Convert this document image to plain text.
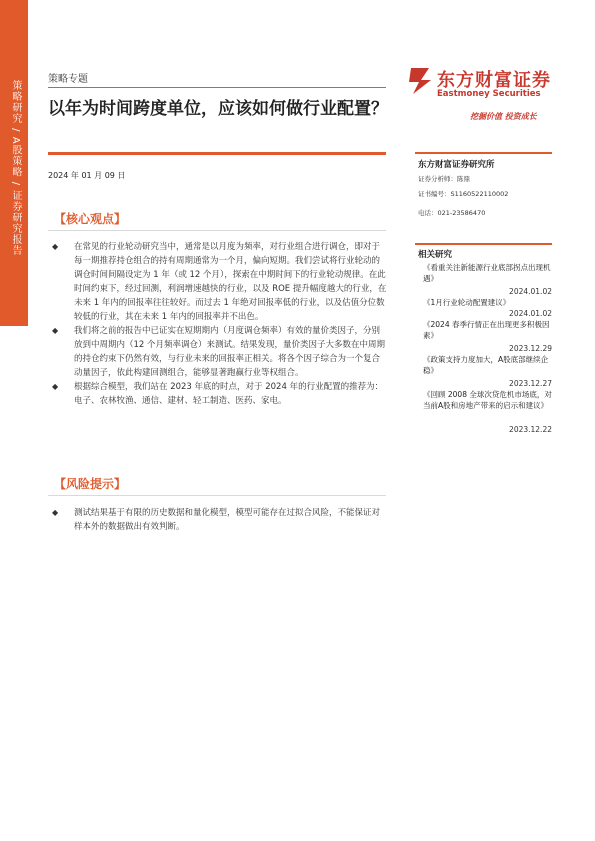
策略研究 / A股策略 / 证券研究报告
策略专题
以年为时间跨度单位，应该如何做行业配置？
2024 年 01 月 09 日
【核心观点】

◆ 在常见的行业轮动研究当中，通常是以月度为频率，对行业组合进行调仓，即对于每一期推荐持仓组合的持有周期通常为一个月，偏向短期。我们尝试将行业轮动的调仓时间间隔设定为 1 年（或 12 个月），探索在中期时间下的行业轮动规律。在此时间约束下，经过回测，利润增速越快的行业，以及 ROE 提升幅度越大的行业，在未来 1 年内的回报率往往较好。而过去 1 年绝对回报率低的行业，以及估值分位数较低的行业，其在未来 1 年内的回报率并不出色。

◆ 我们将之前的报告中已证实在短期期内（月度调仓频率）有效的量价类因子，分别放到中周期内（12 个月频率调仓）来测试。结果发现，量价类因子大多数在中周期的持仓约束下仍然有效，与行业未来的回报率正相关。将各个因子综合为一个复合动量因子，依此构建回测组合，能够显著跑赢行业等权组合。

◆ 根据综合模型，我们站在 2023 年底的时点，对于 2024 年的行业配置的推荐为：电子、农林牧渔、通信、建材、轻工制造、医药、家电。

【风险提示】

◆ 测试结果基于有限的历史数据和量化模型，模型可能存在过拟合风险，不能保证对样本外的数据做出有效判断。

东方财富证券
Eastmoney Securities
挖掘价值 投资成长
东方财富证券研究所
证券分析师：陈鼎
证书编号：S1160522110002
电话：021-23586470
相关研究
《看重关注新能源行业底部拐点出现机遇》
2024.01.02
《1月行业轮动配置建议》
2024.01.02
《2024 春季行情正在出现更多积极因素》
2023.12.29
《政策支持力度加大，A股底部继续企稳》
2023.12.27
《回顾 2008 全球次贷危机市场底，对当前A股和房地产带来的启示和建议》
2023.12.22
